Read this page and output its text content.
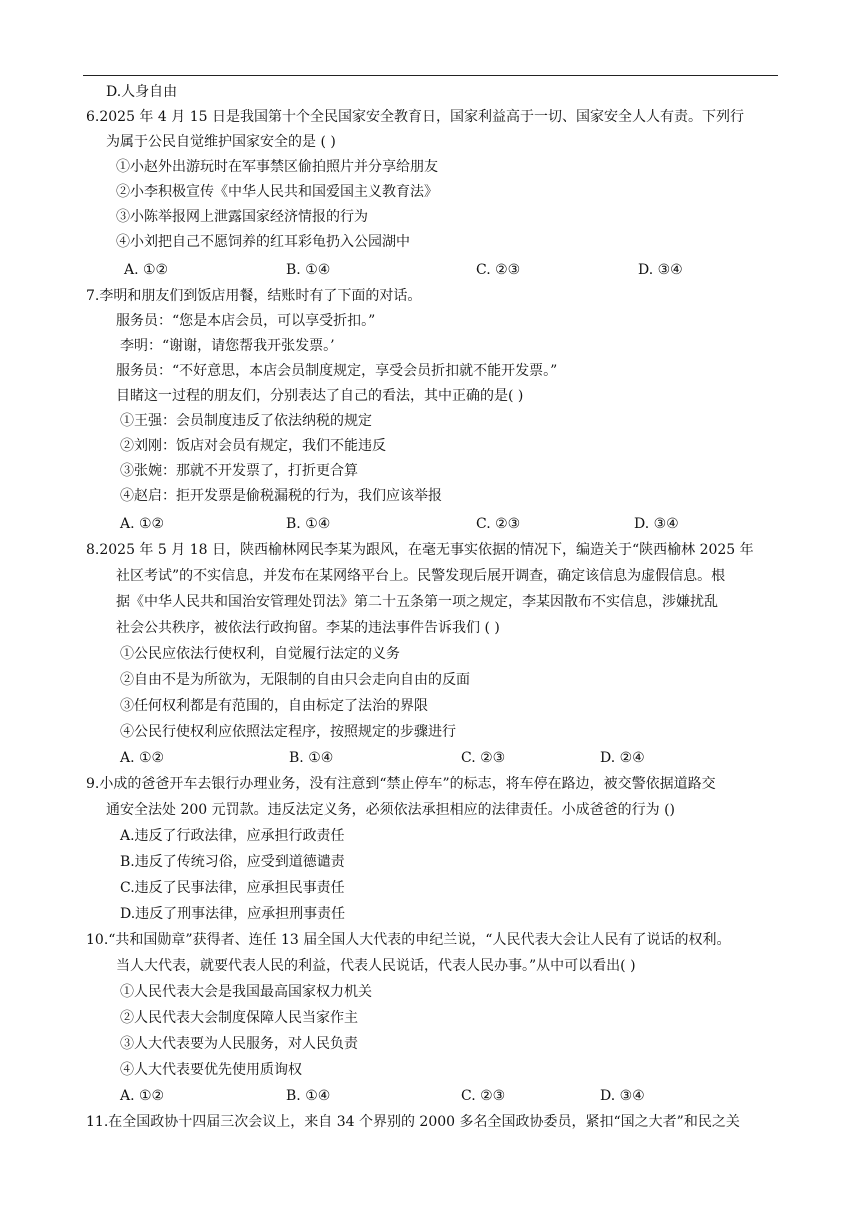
D.人身自由
6.2025 年 4 月 15 日是我国第十个全民国家安全教育日，国家利益高于一切、国家安全人人有责。下列行
为属于公民自觉维护国家安全的是 ( )
①小赵外出游玩时在军事禁区偷拍照片并分享给朋友
②小李积极宣传《中华人民共和国爱国主义教育法》
③小陈举报网上泄露国家经济情报的行为
④小刘把自己不愿饲养的红耳彩龟扔入公园湖中
A. ①②	B. ①④	C. ②③	D. ③④
7.李明和朋友们到饭店用餐，结账时有了下面的对话。
服务员：“您是本店会员，可以享受折扣。”
李明：“谢谢，请您帮我开张发票。’
服务员：“不好意思，本店会员制度规定，享受会员折扣就不能开发票。”
目睹这一过程的朋友们，分别表达了自己的看法，其中正确的是( )
①王强：会员制度违反了依法纳税的规定
②刘刚：饭店对会员有规定，我们不能违反
③张婉：那就不开发票了，打折更合算
④赵启：拒开发票是偷税漏税的行为，我们应该举报
A. ①②	B. ①④	C. ②③	D. ③④
8.2025 年 5 月 18 日，陕西榆林网民李某为跟风，在毫无事实依据的情况下，编造关于“陕西榆林 2025 年
社区考试”的不实信息，并发布在某网络平台上。民警发现后展开调查，确定该信息为虚假信息。根
据《中华人民共和国治安管理处罚法》第二十五条第一项之规定，李某因散布不实信息，涉嫌扰乱
社会公共秩序，被依法行政拘留。李某的违法事件告诉我们 ( )
①公民应依法行使权利，自觉履行法定的义务
②自由不是为所欲为，无限制的自由只会走向自由的反面
③任何权利都是有范围的，自由标定了法治的界限
④公民行使权利应依照法定程序，按照规定的步骤进行
A. ①②	B. ①④	C. ②③	D. ②④
9.小成的爸爸开车去银行办理业务，没有注意到“禁止停车”的标志，将车停在路边，被交警依据道路交
通安全法处 200 元罚款。违反法定义务，必须依法承担相应的法律责任。小成爸爸的行为 ()
A.违反了行政法律，应承担行政责任
B.违反了传统习俗，应受到道德谴责
C.违反了民事法律，应承担民事责任
D.违反了刑事法律，应承担刑事责任
10.“共和国勋章”获得者、连任 13 届全国人大代表的申纪兰说，“人民代表大会让人民有了说话的权利。
当人大代表，就要代表人民的利益，代表人民说话，代表人民办事。”从中可以看出( )
①人民代表大会是我国最高国家权力机关
②人民代表大会制度保障人民当家作主
③人大代表要为人民服务，对人民负责
④人大代表要优先使用质询权
A. ①②	B. ①④	C. ②③	D. ③④
11.在全国政协十四届三次会议上，来自 34 个界别的 2000 多名全国政协委员，紧扣“国之大者”和民之关
